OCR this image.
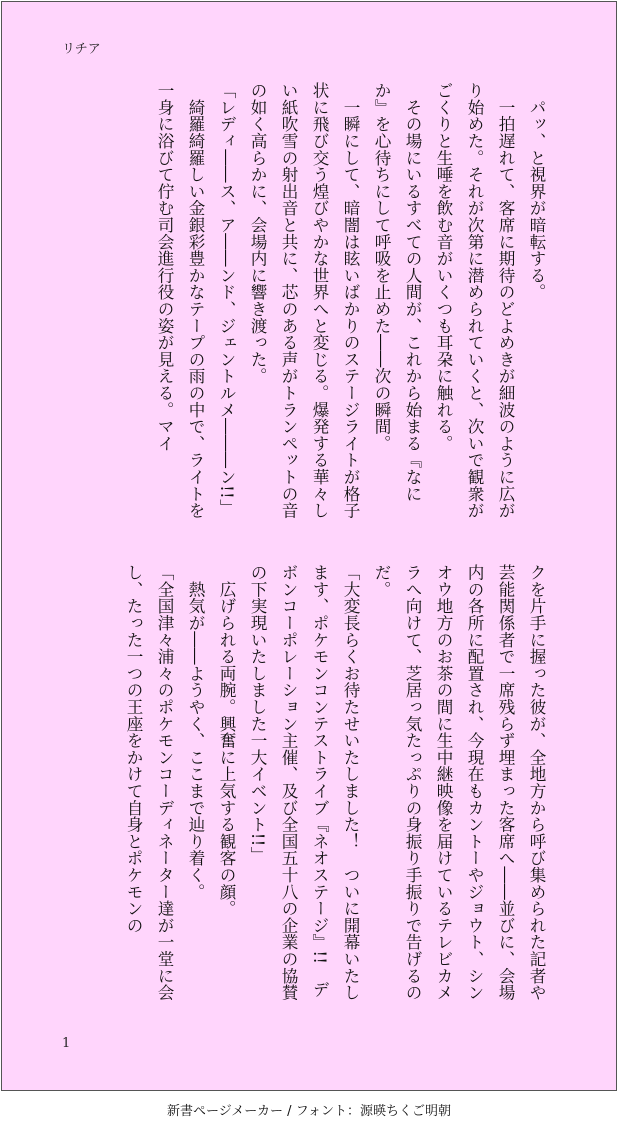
リチア

　パッ、と視界が暗転する。

　一拍遅れて、客席に期待のどよめきが細波のように広がり始めた。それが次第に潜められていくと、次いで観衆がごくりと生唾を飲む音がいくつも耳朶に触れる。

　その場にいるすべての人間が、これから始まる『なにか』を心待ちにして呼吸を止めた――次の瞬間。

　一瞬にして、暗闇は眩いばかりのステージライトが格子状に飛び交う煌びやかな世界へと変じる。爆発する華々しい紙吹雪の射出音と共に、芯のある声がトランペットの音の如く高らかに、会場内に響き渡った。

「レディ――ス、ア――ンド、ジェントルメ―――ン!!」

　綺羅綺羅しい金銀彩豊かなテープの雨の中で、ライトを一身に浴びて佇む司会進行役の姿が見える。マイ

クを片手に握った彼が、全地方から呼び集められた記者や芸能関係者で一席残らず埋まった客席へ――並びに、会場内の各所に配置され、今現在もカントーやジョウト、シンオウ地方のお茶の間に生中継映像を届けているテレビカメラへ向けて、芝居っ気たっぷりの身振り手振りで告げるのだ。

「大変長らくお待たせいたしました！　ついに開幕いたします、ポケモンコンテストライブ『ネオステージ』!!　デボンコーポレーション主催、及び全国五十八の企業の協賛の下実現いたしました一大イベント!!」

　広げられる両腕。興奮に上気する観客の顔。

　熱気が――ようやく、ここまで辿り着く。

「全国津々浦々のポケモンコーディネーター達が一堂に会し、たった一つの王座をかけて自身とポケモンの

1
新書ページメーカー / フォント：源暎ちくご明朝
